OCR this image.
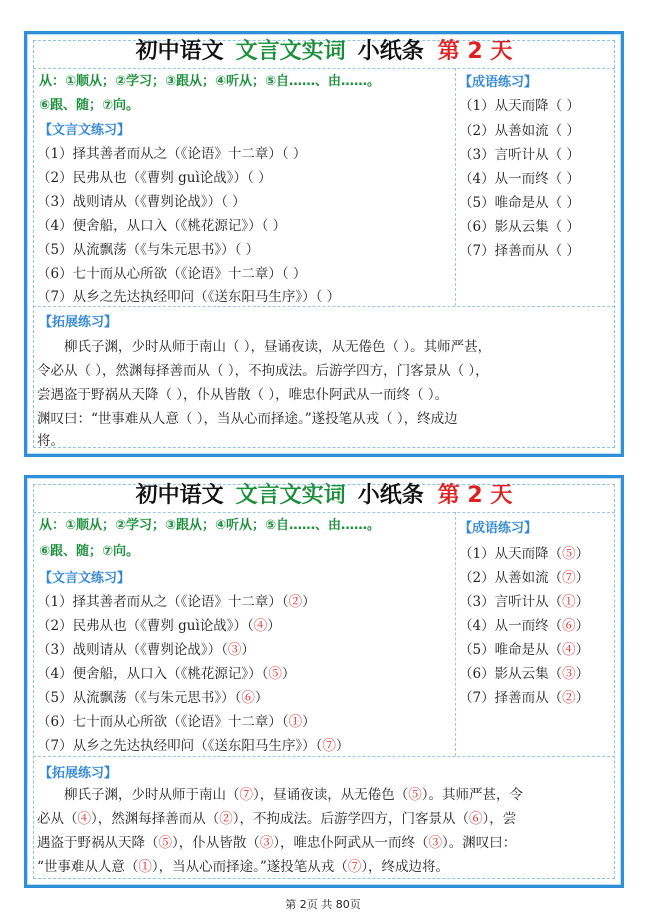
初中语文 文言文实词 小纸条 第 2 天
从：①顺从；②学习；③跟从；④听从；⑤自……、由……。
⑥跟、随；⑦向。
【文言文练习】
（1）择其善者而从之（《论语》十二章）（ ）
（2）民弗从也（《曹刿 guì论战》）（ ）
（3）战则请从（《曹刿论战》）（ ）
（4）便舍船，从口入（《桃花源记》）（ ）
（5）从流飘荡（《与朱元思书》）（ ）
（6）七十而从心所欲（《论语》十二章）（ ）
（7）从乡之先达执经叩问（《送东阳马生序》）（ ）
【成语练习】
（1）从天而降（ ）
（2）从善如流（ ）
（3）言听计从（ ）
（4）从一而终（ ）
（5）唯命是从（ ）
（6）影从云集（ ）
（7）择善而从（ ）
【拓展练习】
　　柳氏子渊，少时从师于南山（ ），昼诵夜读，从无倦色（ ）。其师严甚，
令必从（ ），然渊每择善而从（ ），不拘成法。后游学四方，门客景从（ ），
尝遇盗于野祸从天降（ ），仆从皆散（ ），唯忠仆阿武从一而终（ ）。
渊叹曰：“世事难从人意（ ），当从心而择途。”遂投笔从戎（ ），终成边
将。
初中语文 文言文实词 小纸条 第 2 天
从：①顺从；②学习；③跟从；④听从；⑤自……、由……。
⑥跟、随；⑦向。
【文言文练习】
（1）择其善者而从之（《论语》十二章）（②）
（2）民弗从也（《曹刿 guì论战》）（④）
（3）战则请从（《曹刿论战》）（③）
（4）便舍船，从口入（《桃花源记》）（⑤）
（5）从流飘荡（《与朱元思书》）（⑥）
（6）七十而从心所欲（《论语》十二章）（①）
（7）从乡之先达执经叩问（《送东阳马生序》）（⑦）
【成语练习】
（1）从天而降（⑤）
（2）从善如流（⑦）
（3）言听计从（①）
（4）从一而终（⑥）
（5）唯命是从（④）
（6）影从云集（③）
（7）择善而从（②）
【拓展练习】
　　柳氏子渊，少时从师于南山（⑦），昼诵夜读，从无倦色（⑤）。其师严甚，令
必从（④），然渊每择善而从（②），不拘成法。后游学四方，门客景从（⑥），尝
遇盗于野祸从天降（⑤），仆从皆散（③），唯忠仆阿武从一而终（③）。渊叹曰：
“世事难从人意（①），当从心而择途。”遂投笔从戎（⑦），终成边将。
第 2页 共 80页
